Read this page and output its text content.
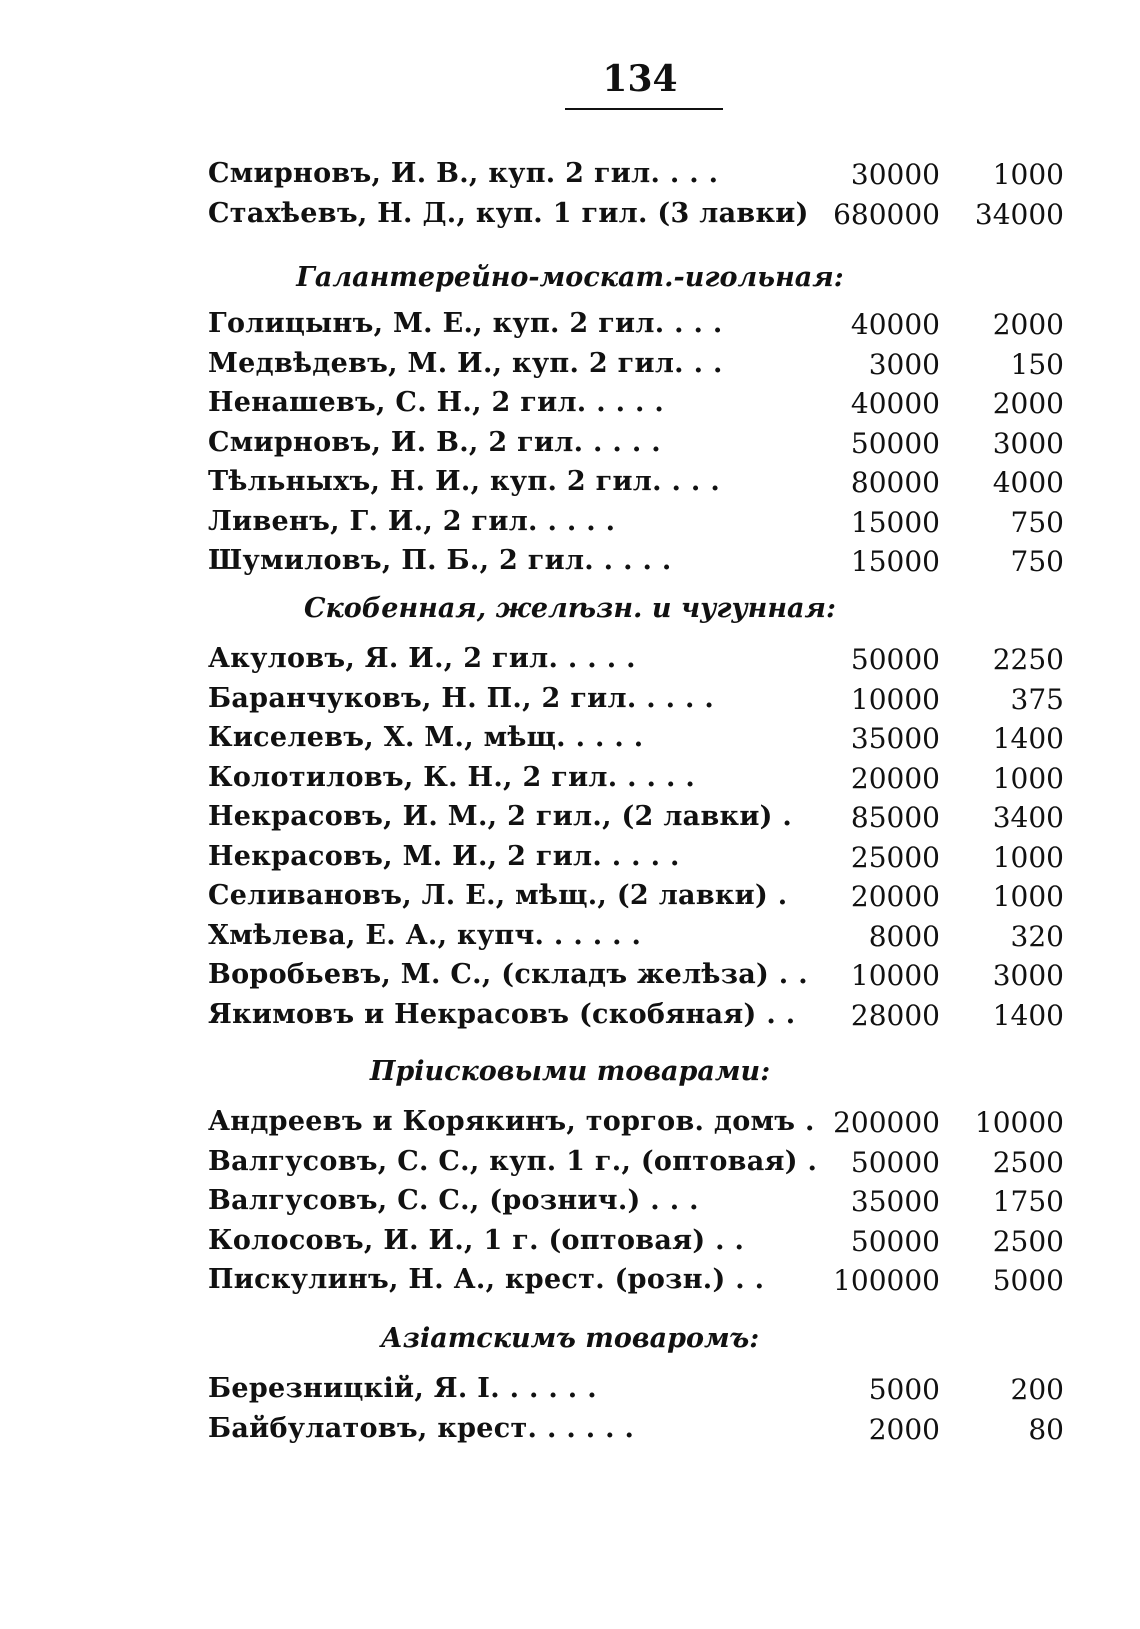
134
Смирновъ, И. В., куп. 2 гил. . . .	30000	1000
Стахѣевъ, Н. Д., куп. 1 гил. (3 лавки) 680000	34000
Галантерейно-москат.-игольная:
Голицынъ, М. Е., куп. 2 гил. . . .	40000	2000
Медвѣдевъ, М. И., куп. 2 гил. . .	3000	150
Ненашевъ, С. Н., 2 гил. . . . .	40000	2000
Смирновъ, И. В., 2 гил. . . . .	50000	3000
Тѣльныхъ, Н. И., куп. 2 гил. . . .	80000	4000
Ливенъ, Г. И., 2 гил. . . . .	15000	750
Шумиловъ, П. Б., 2 гил. . . . .	15000	750
Скобенная, желѣзн. и чугунная:
Акуловъ, Я. И., 2 гил. . . . .	50000	2250
Баранчуковъ, Н. П., 2 гил. . . . .	10000	375
Киселевъ, Х. М., мѣщ. . . . .	35000	1400
Колотиловъ, К. Н., 2 гил. . . . .	20000	1000
Некрасовъ, И. М., 2 гил., (2 лавки) .	85000	3400
Некрасовъ, М. И., 2 гил. . . . .	25000	1000
Селивановъ, Л. Е., мѣщ., (2 лавки) .	20000	1000
Хмѣлева, Е. А., купч. . . . . .	8000	320
Воробьевъ, М. С., (складъ желѣза) . .	10000	3000
Якимовъ и Некрасовъ (скобяная) . .	28000	1400
Пріисковыми товарами:
Андреевъ и Корякинъ, торгов. домъ . 200000	10000
Валгусовъ, С. С., куп. 1 г., (оптовая) .	50000	2500
Валгусовъ, С. С., (рознич.) . . .	35000	1750
Колосовъ, И. И., 1 г. (оптовая) . .	50000	2500
Пискулинъ, Н. А., крест. (розн.) . .	100000	5000
Азіатскимъ товаромъ:
Березницкій, Я. І. . . . . .	5000	200
Байбулатовъ, крест. . . . . .	2000	80
